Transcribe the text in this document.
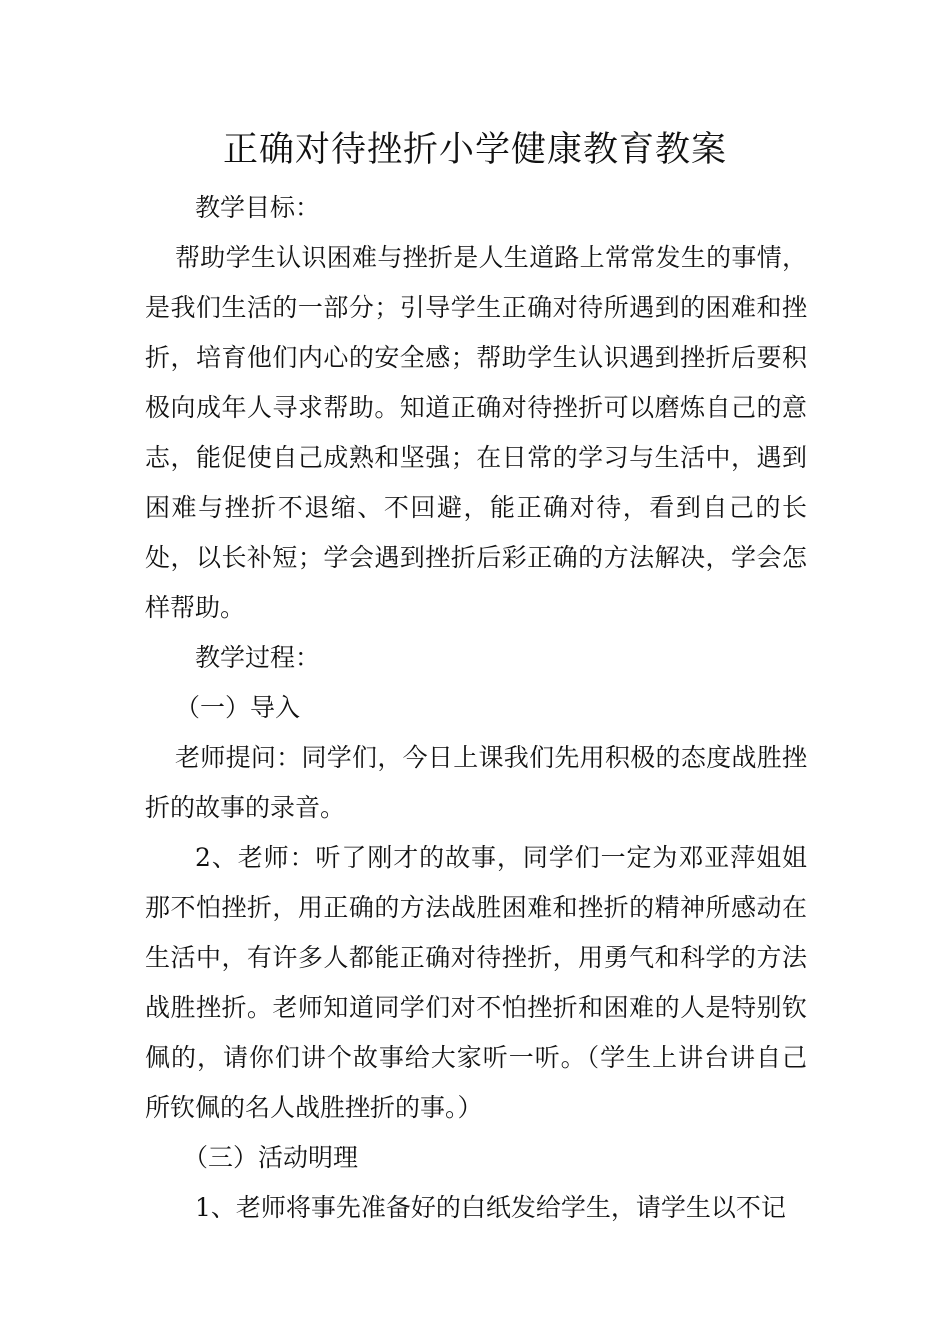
正确对待挫折小学健康教育教案

教学目标：

帮助学生认识困难与挫折是人生道路上常常发生的事情，是我们生活的一部分；引导学生正确对待所遇到的困难和挫折，培育他们内心的安全感；帮助学生认识遇到挫折后要积极向成年人寻求帮助。知道正确对待挫折可以磨炼自己的意志，能促使自己成熟和坚强；在日常的学习与生活中，遇到困难与挫折不退缩、不回避，能正确对待，看到自己的长处，以长补短；学会遇到挫折后彩正确的方法解决，学会怎样帮助。

教学过程：

（一）导入

老师提问：同学们，今日上课我们先用积极的态度战胜挫折的故事的录音。

2、老师：听了刚才的故事，同学们一定为邓亚萍姐姐那不怕挫折，用正确的方法战胜困难和挫折的精神所感动在生活中，有许多人都能正确对待挫折，用勇气和科学的方法战胜挫折。老师知道同学们对不怕挫折和困难的人是特别钦佩的，请你们讲个故事给大家听一听。（学生上讲台讲自己所钦佩的名人战胜挫折的事。）

（三）活动明理

1、老师将事先准备好的白纸发给学生，请学生以不记
